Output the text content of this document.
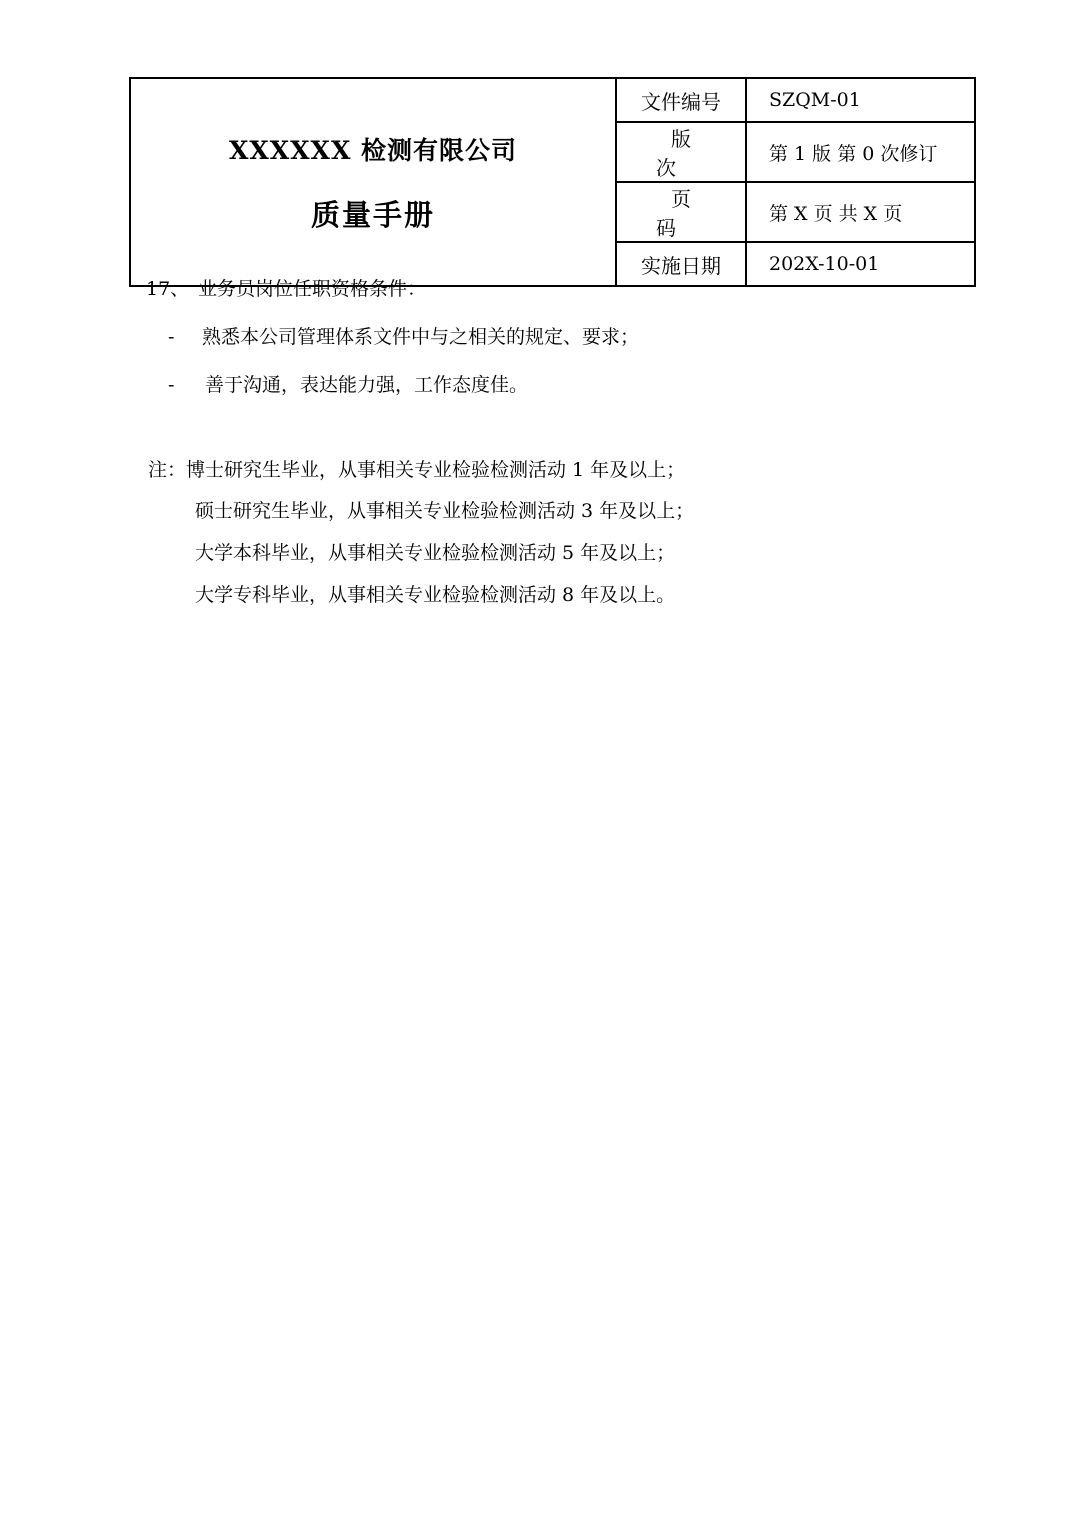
XXXXXX 检测有限公司
质量手册	文件编号	SZQM-01
	版次	第 1 版 第 0 次修订
	页码	第 X 页 共 X 页
	实施日期	202X-10-01
17、 业务员岗位任职资格条件：
- 熟悉本公司管理体系文件中与之相关的规定、要求；
- 善于沟通，表达能力强，工作态度佳。
注：博士研究生毕业，从事相关专业检验检测活动 1 年及以上；
硕士研究生毕业，从事相关专业检验检测活动 3 年及以上；
大学本科毕业，从事相关专业检验检测活动 5 年及以上；
大学专科毕业，从事相关专业检验检测活动 8 年及以上。
